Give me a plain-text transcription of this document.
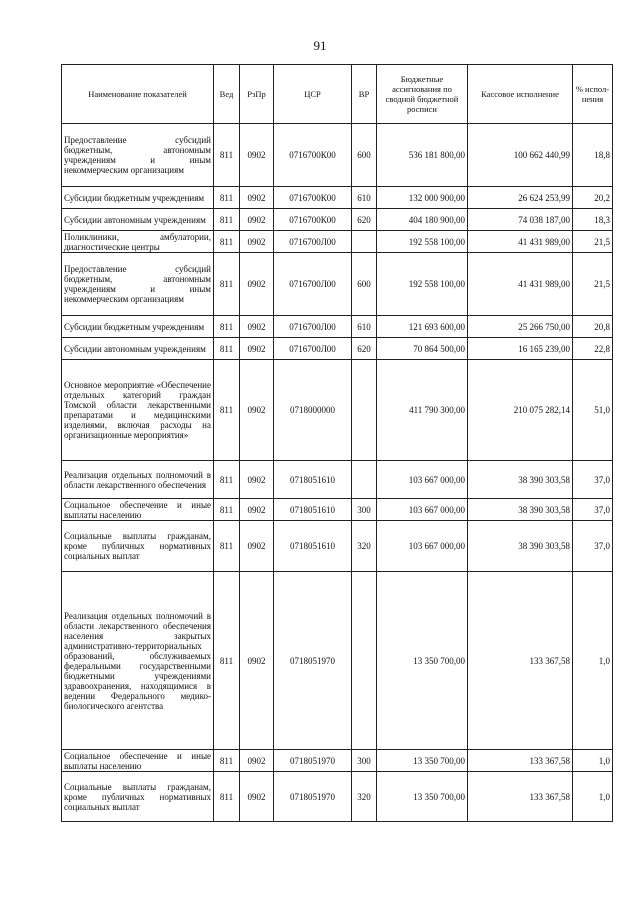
91
Наименование показателей	Вед	РзПр	ЦСР	ВР	Бюджетные ассигнования по сводной бюджетной росписи	Кассовое исполнение	% испол-нения
Предоставление субсидий бюджетным, автономным учреждениям и иным некоммерческим организациям	811	0902	0716700К00	600	536 181 800,00	100 662 440,99	18,8
Субсидии бюджетным учреждениям	811	0902	0716700К00	610	132 000 900,00	26 624 253,99	20,2
Субсидии автономным учреждениям	811	0902	0716700К00	620	404 180 900,00	74 038 187,00	18,3
Поликлиники, амбулатории, диагностические центры	811	0902	0716700Л00		192 558 100,00	41 431 989,00	21,5
Предоставление субсидий бюджетным, автономным учреждениям и иным некоммерческим организациям	811	0902	0716700Л00	600	192 558 100,00	41 431 989,00	21,5
Субсидии бюджетным учреждениям	811	0902	0716700Л00	610	121 693 600,00	25 266 750,00	20,8
Субсидии автономным учреждениям	811	0902	0716700Л00	620	70 864 500,00	16 165 239,00	22,8
Основное мероприятие «Обеспечение отдельных категорий граждан Томской области лекарственными препаратами и медицинскими изделиями, включая расходы на организационные мероприятия»	811	0902	0718000000		411 790 300,00	210 075 282,14	51,0
Реализация отдельных полномочий в области лекарственного обеспечения	811	0902	0718051610		103 667 000,00	38 390 303,58	37,0
Социальное обеспечение и иные выплаты населению	811	0902	0718051610	300	103 667 000,00	38 390 303,58	37,0
Социальные выплаты гражданам, кроме публичных нормативных социальных выплат	811	0902	0718051610	320	103 667 000,00	38 390 303,58	37,0
Реализация отдельных полномочий в области лекарственного обеспечения населения закрытых административно-территориальных образований, обслуживаемых федеральными государственными бюджетными учреждениями здравоохранения, находящимися в ведении Федерального медико-биологического агентства	811	0902	0718051970		13 350 700,00	133 367,58	1,0
Социальное обеспечение и иные выплаты населению	811	0902	0718051970	300	13 350 700,00	133 367,58	1,0
Социальные выплаты гражданам, кроме публичных нормативных социальных выплат	811	0902	0718051970	320	13 350 700,00	133 367,58	1,0
